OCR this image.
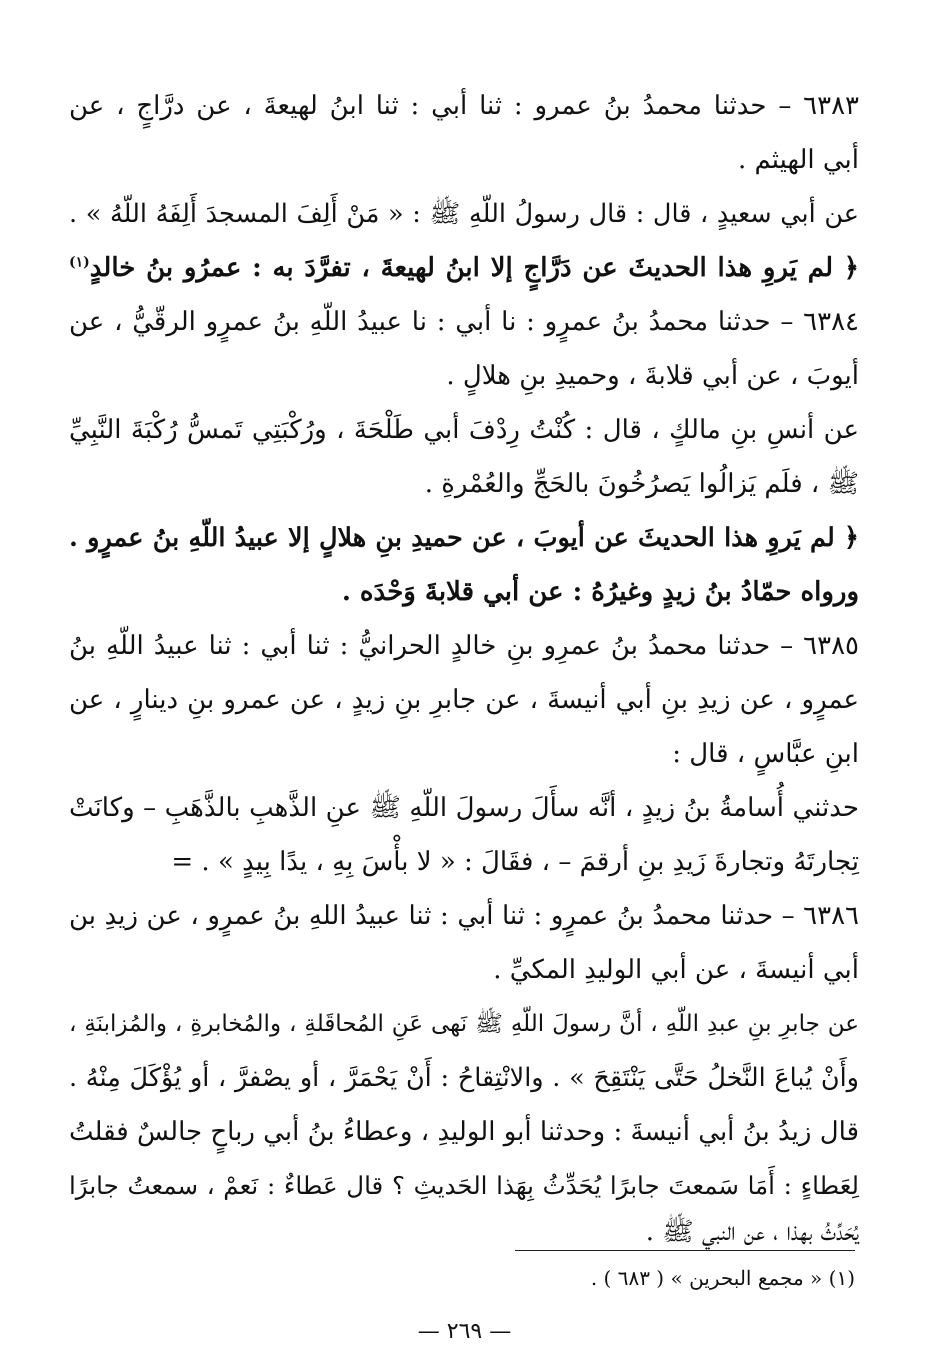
٦٣٨٣ – حدثنا محمدُ بنُ عمرو : ثنا أبي : ثنا ابنُ لهيعةَ ، عن درَّاجٍ ، عن
أبي الهيثم .
عن أبي سعيدٍ ، قال : قال رسولُ اللّهِ ﷺ : « مَنْ أَلِفَ المسجدَ أَلِفَهُ اللّهُ » .
﴿ لم يَروِ هذا الحديثَ عن دَرَّاجٍ إلا ابنُ لهيعةَ ، تفرَّدَ به : عمرُو بنُ خالدٍ$^{(١)}$
٦٣٨٤ – حدثنا محمدُ بنُ عمرٍو : نا أبي : نا عبيدُ اللّهِ بنُ عمرٍو الرقّيُّ ، عن
أيوبَ ، عن أبي قلابةَ ، وحميدِ بنِ هلالٍ .
عن أنسِ بنِ مالكٍ ، قال : كُنْتُ رِدْفَ أبي طَلْحَةَ ، ورُكْبَتِي تَمسُّ رُكْبَةَ النَّبِيِّ
ﷺ ، فلَم يَزالُوا يَصرُخُونَ بالحَجِّ والعُمْرةِ .
﴿ لم يَروِ هذا الحديثَ عن أيوبَ ، عن حميدِ بنِ هلالٍ إلا عبيدُ اللّهِ بنُ عمرٍو .
ورواه حمّادُ بنُ زيدٍ وغيرُهُ : عن أبي قلابةَ وَحْدَه .
٦٣٨٥ – حدثنا محمدُ بنُ عمرِو بنِ خالدٍ الحرانيُّ : ثنا أبي : ثنا عبيدُ اللّهِ بنُ
عمرٍو ، عن زيدِ بنِ أبي أنيسةَ ، عن جابرِ بنِ زيدٍ ، عن عمرو بنِ دينارٍ ، عن
ابنِ عبَّاسٍ ، قال :
حدثني أُسامةُ بنُ زيدٍ ، أنَّه سأَلَ رسولَ اللّهِ ﷺ عنِ الذَّهبِ بالذَّهَبِ – وكانَتْ
تِجارتَهُ وتجارةَ زَيدِ بنِ أرقمَ – ، فقَالَ : « لا بأْسَ بِهِ ، يدًا بِيدٍ » . =
٦٣٨٦ – حدثنا محمدُ بنُ عمرٍو : ثنا أبي : ثنا عبيدُ اللهِ بنُ عمرٍو ، عن زيدِ بن
أبي أنيسةَ ، عن أبي الوليدِ المكيِّ .
عن جابرِ بنِ عبدِ اللّهِ ، أنَّ رسولَ اللّهِ ﷺ نَهى عَنِ المُحاقَلةِ ، والمُخابرةِ ، والمُزابنَةِ ،
وأَنْ يُباعَ النَّخلُ حَتَّى يَنْتَقِحَ » . والانْتِقاحُ : أَنْ يَحْمَرَّ ، أو يصْفرَّ ، أو يُؤْكَلَ مِنْهُ .
قال زيدُ بنُ أبي أنيسةَ : وحدثنا أبو الوليدِ ، وعطاءُ بنُ أبي رباحٍ جالسٌ فقلتُ
لِعَطاءٍ : أَمَا سَمعتَ جابرًا يُحَدِّثُ بِهَذا الحَديثِ ؟ قال عَطاءٌ : نَعمْ ، سمعتُ جابرًا
يُحَدِّثُ بهذا ، عن النبي ﷺ .
(١) « مجمع البحرين » ( ٦٨٣ ) .
— ٢٦٩ —
